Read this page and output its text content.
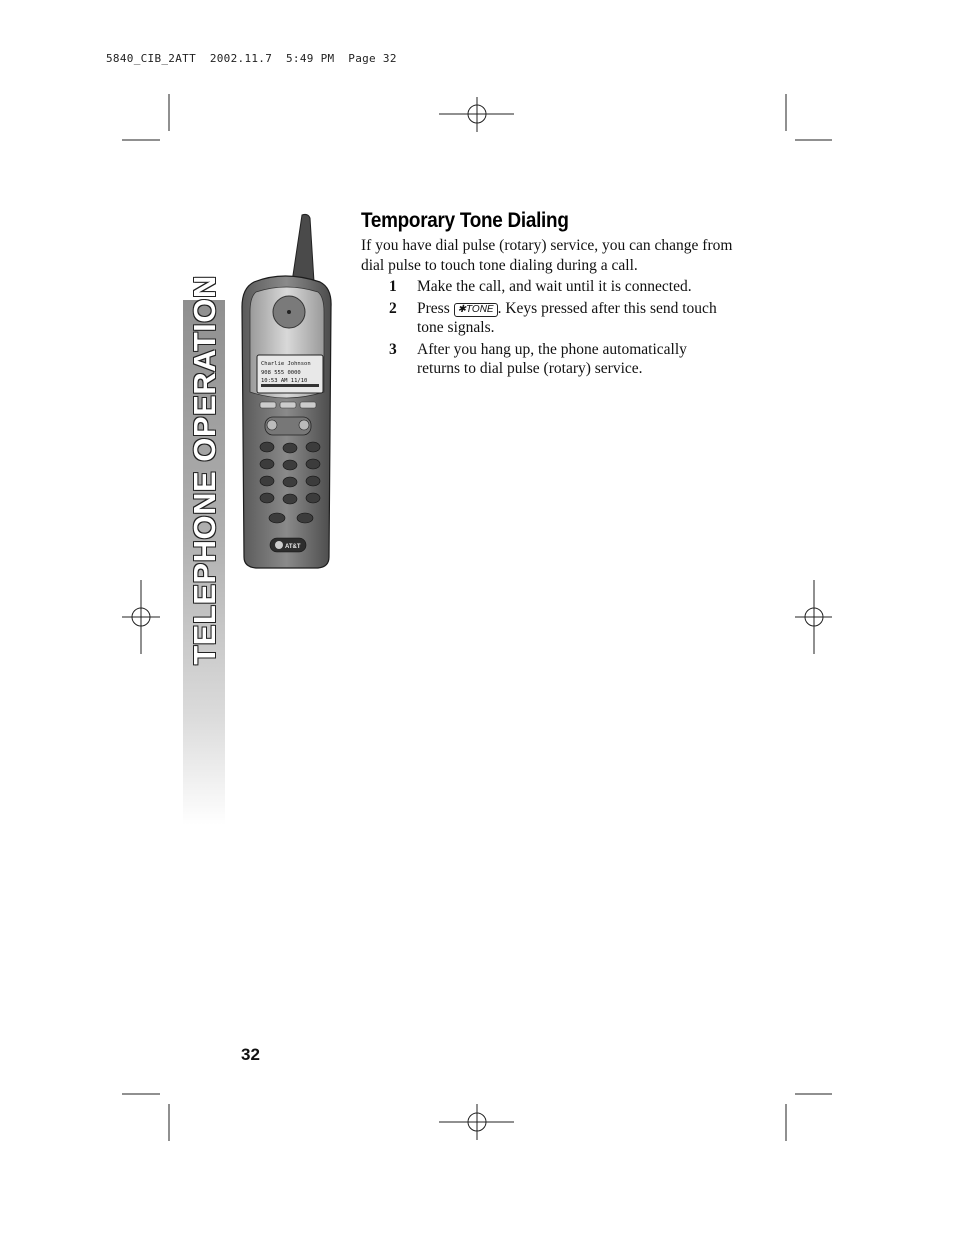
5840_CIB_2ATT  2002.11.7  5:49 PM  Page 32
TELEPHONE OPERATION	Charlie Johnson
908 555 0000
10:53 AM 11/10
AT&T
Temporary Tone Dialing
If you have dial pulse (rotary) service, you can change from dial pulse to touch tone dialing during a call.
1 Make the call, and wait until it is connected.
2 Press ✱TONE . Keys pressed after this send touch tone signals.
3 After you hang up, the phone automatically returns to dial pulse (rotary) service.
32
